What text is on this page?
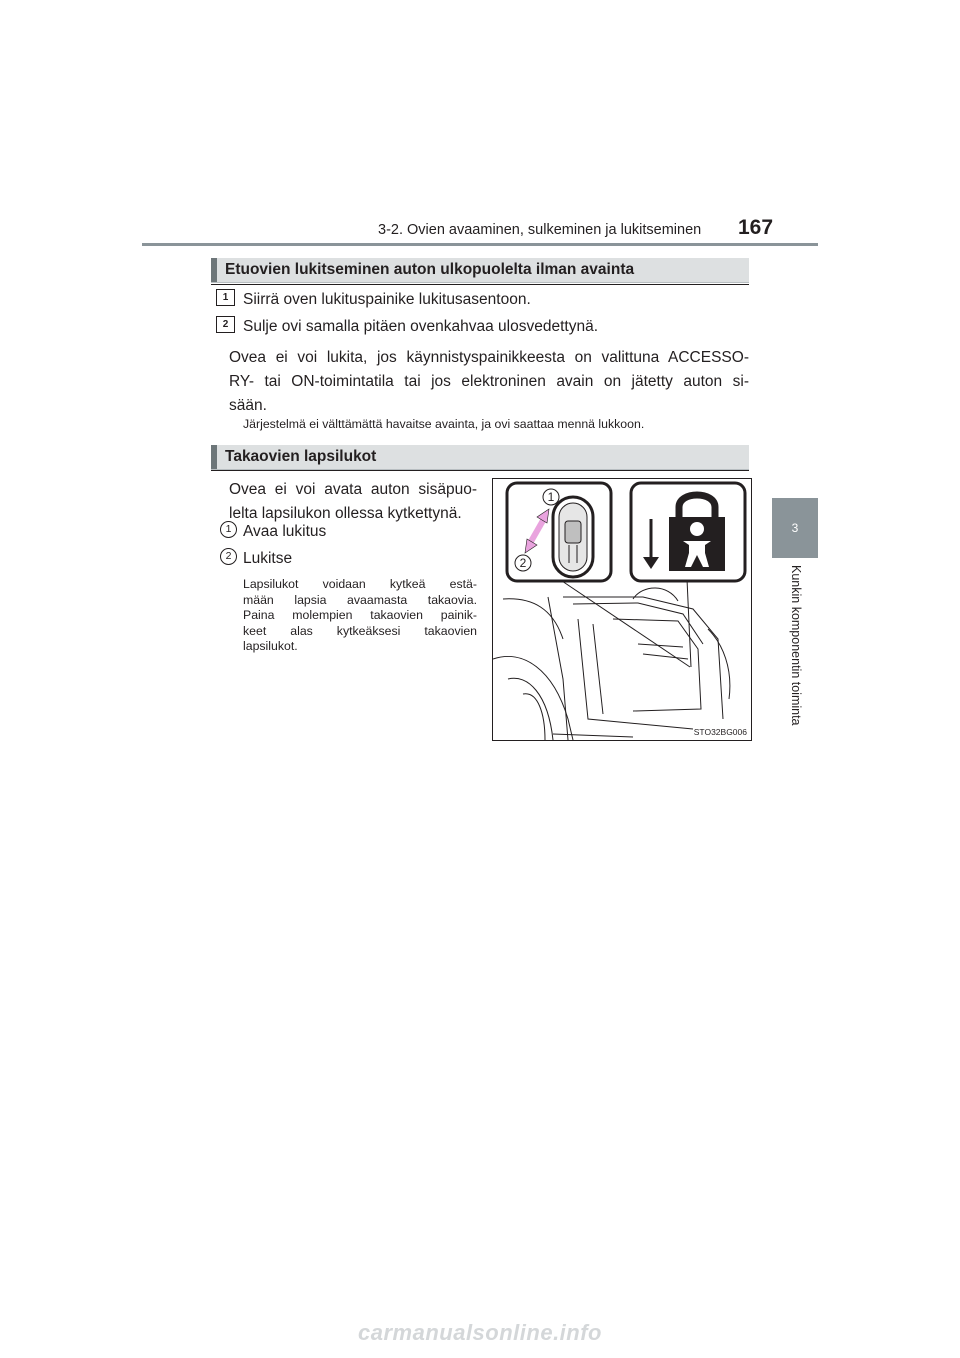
3-2. Ovien avaaminen, sulkeminen ja lukitseminen 167
3
Kunkin komponentin toiminta
Etuovien lukitseminen auton ulkopuolelta ilman avainta
1 Siirrä oven lukituspainike lukitusasentoon.
2 Sulje ovi samalla pitäen ovenkahvaa ulosvedettynä.
Ovea ei voi lukita, jos käynnistyspainikkeesta on valittuna ACCESSO-
RY- tai ON-toimintatila tai jos elektroninen avain on jätetty auton si-
sään.
Järjestelmä ei välttämättä havaitse avainta, ja ovi saattaa mennä lukkoon.
Takaovien lapsilukot
Ovea ei voi avata auton sisäpuo-
lelta lapsilukon ollessa kytkettynä.
1 Avaa lukitus
2 Lukitse
Lapsilukot voidaan kytkeä estä-
mään lapsia avaamasta takaovia.
Paina molempien takaovien painik-
keet alas kytkeäksesi takaovien
lapsilukot.
1
2
STO32BG006
carmanualsonline.info
